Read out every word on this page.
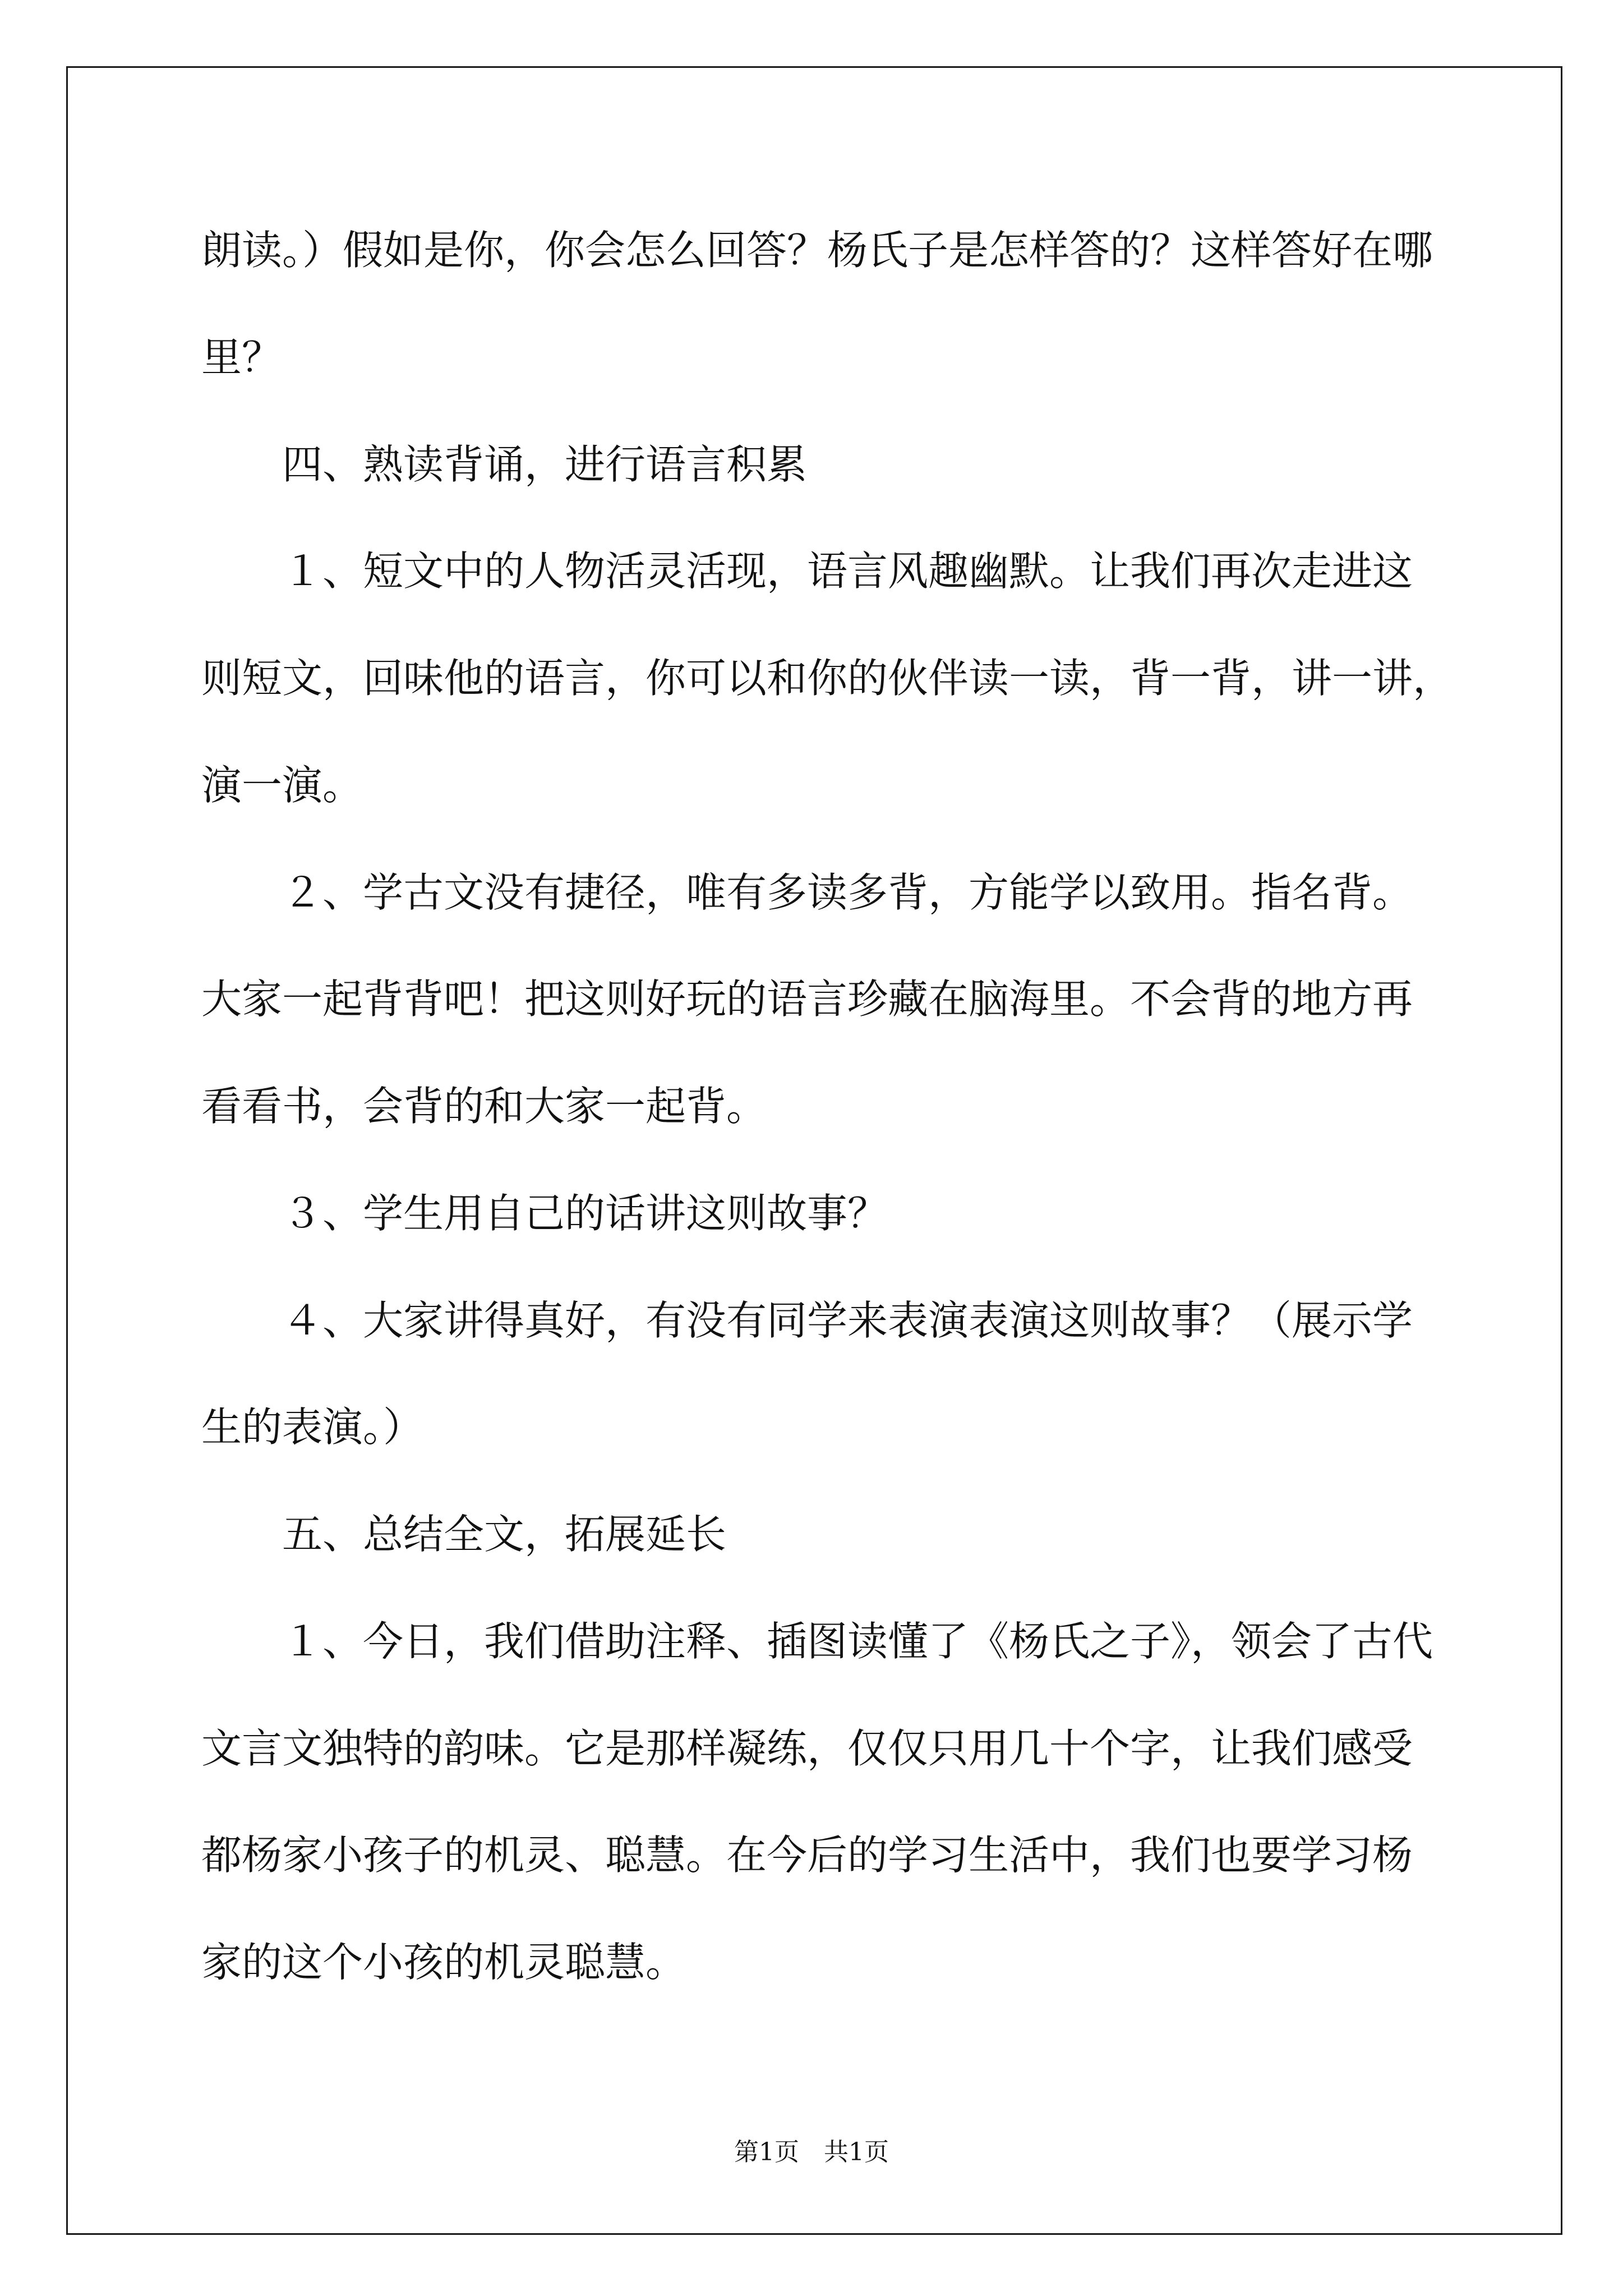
朗读。）假如是你，你会怎么回答？杨氏子是怎样答的？这样答好在哪
里？
四、熟读背诵，进行语言积累
１、短文中的人物活灵活现，语言风趣幽默。让我们再次走进这
则短文，回味他的语言，你可以和你的伙伴读一读，背一背，讲一讲，
演一演。
２、学古文没有捷径，唯有多读多背，方能学以致用。指名背。
大家一起背背吧！把这则好玩的语言珍藏在脑海里。不会背的地方再
看看书，会背的和大家一起背。
３、学生用自己的话讲这则故事？
４、大家讲得真好，有没有同学来表演表演这则故事？（展示学
生的表演。）
五、总结全文，拓展延长
１、今日，我们借助注释、插图读懂了《杨氏之子》，领会了古代
文言文独特的韵味。它是那样凝练，仅仅只用几十个字，让我们感受
都杨家小孩子的机灵、聪慧。在今后的学习生活中，我们也要学习杨
家的这个小孩的机灵聪慧。
第1页 共1页
